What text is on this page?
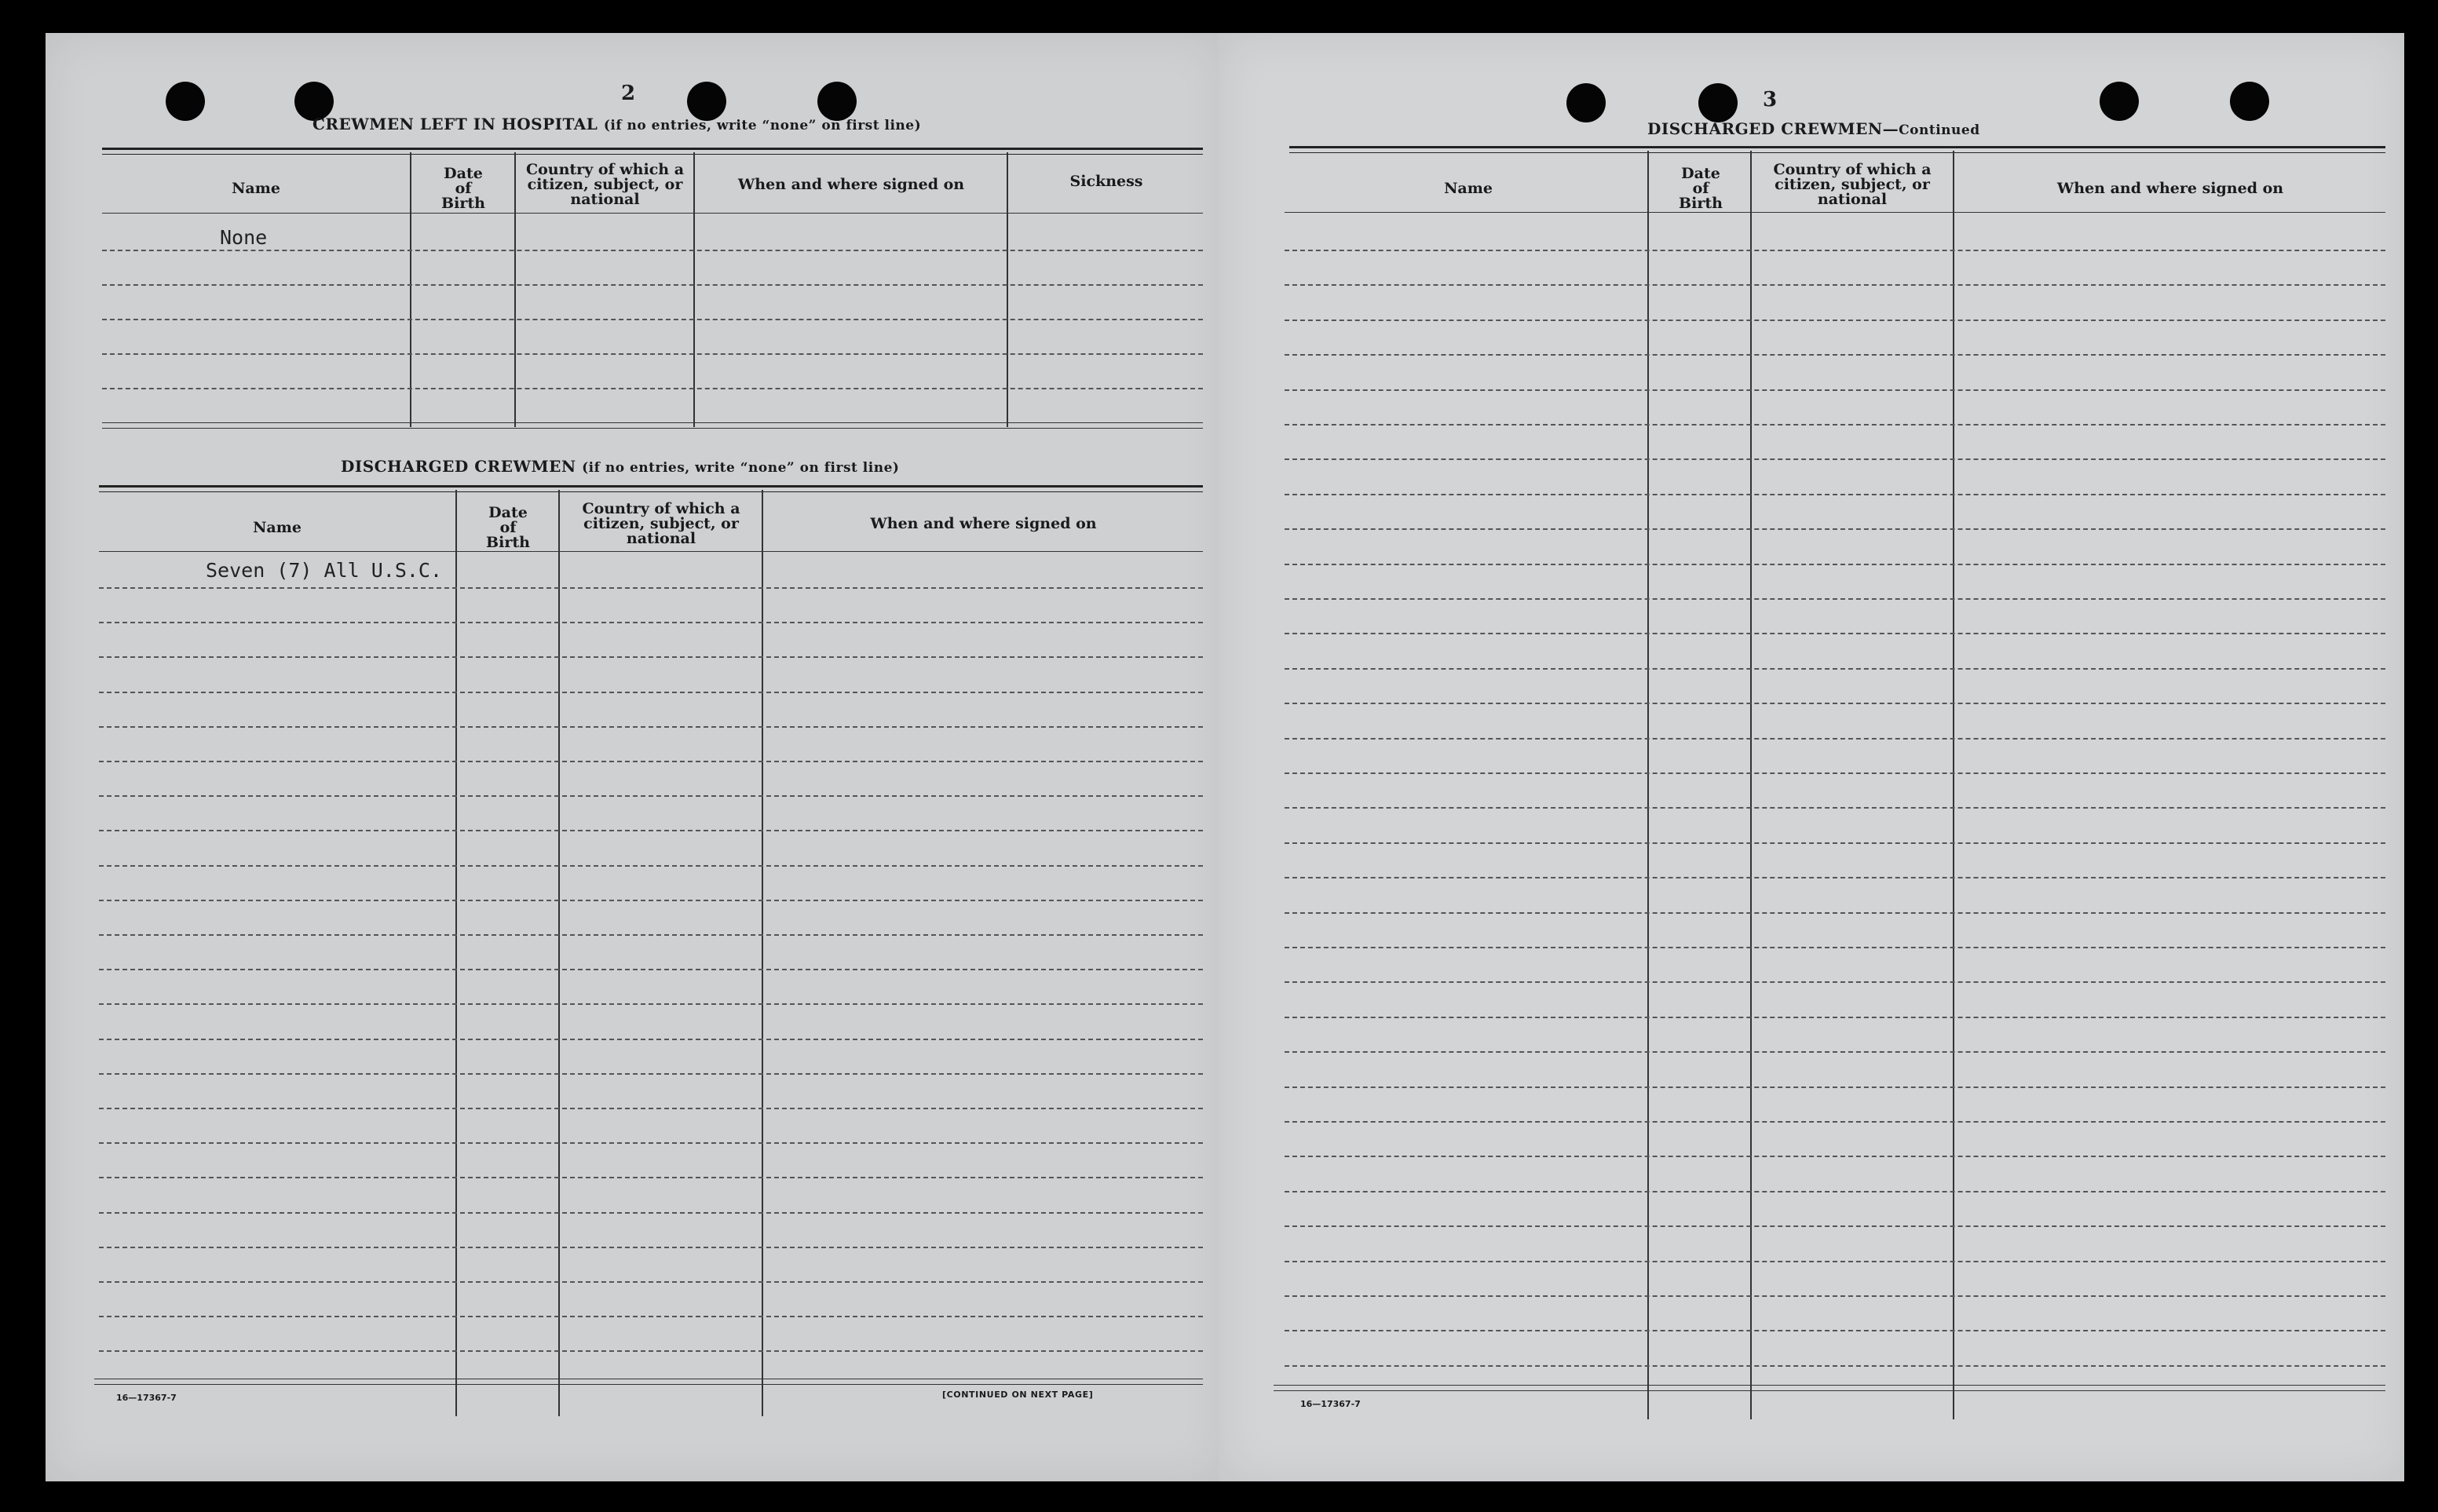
2
CREWMEN LEFT IN HOSPITAL (if no entries, write “none” on first line)
Name
Date
of
Birth
Country of which a
citizen, subject, or
national
When and where signed on	Sickness
None
DISCHARGED CREWMEN (if no entries, write “none” on first line)
Name
Date
of
Birth
Country of which a
citizen, subject, or
national
When and where signed on
Seven (7) All U.S.C.
16—17367-7	[CONTINUED ON NEXT PAGE]
3
DISCHARGED CREWMEN—Continued
Name
Date
of
Birth
Country of which a
citizen, subject, or
national
When and where signed on
16—17367-7
